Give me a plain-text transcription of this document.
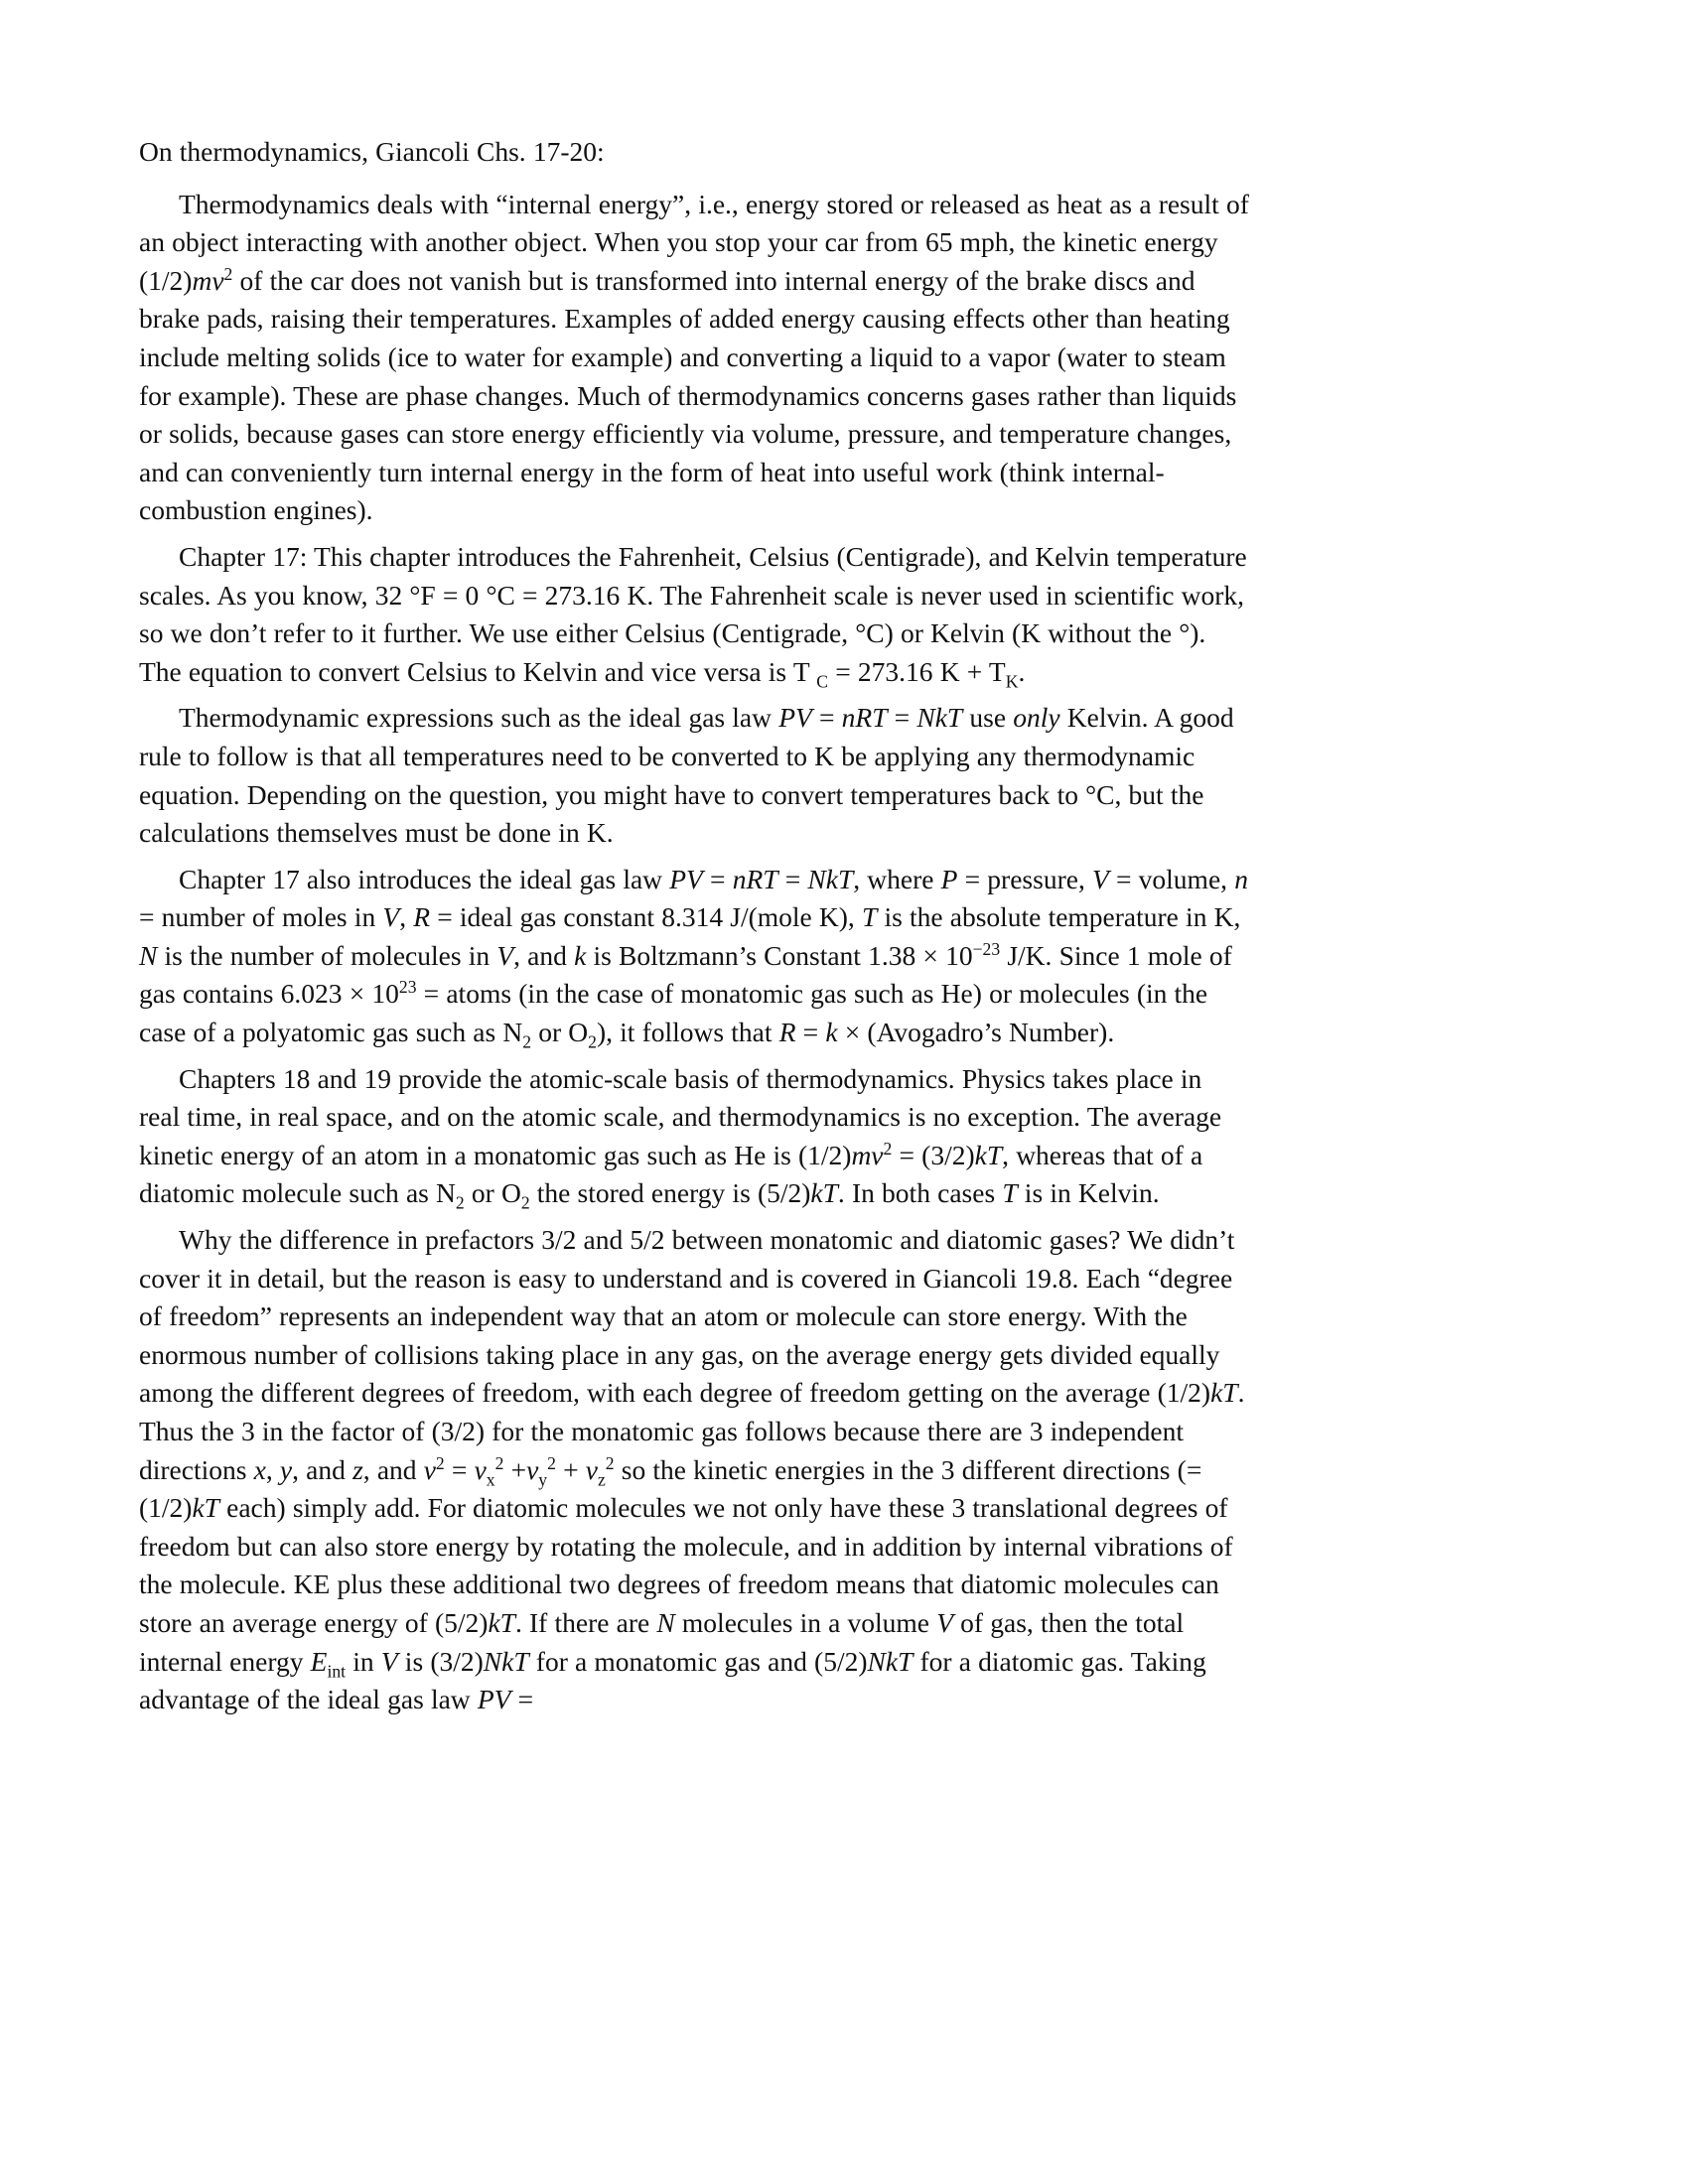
On thermodynamics, Giancoli Chs. 17-20:

Thermodynamics deals with “internal energy”, i.e., energy stored or released as heat as a result of an object interacting with another object. When you stop your car from 65 mph, the kinetic energy $(1/2)mv^2$ of the car does not vanish but is transformed into internal energy of the brake discs and brake pads, raising their temperatures. Examples of added energy causing effects other than heating include melting solids (ice to water for example) and converting a liquid to a vapor (water to steam for example). These are phase changes. Much of thermodynamics concerns gases rather than liquids or solids, because gases can store energy efficiently via volume, pressure, and temperature changes, and can conveniently turn internal energy in the form of heat into useful work (think internal-combustion engines).

Chapter 17: This chapter introduces the Fahrenheit, Celsius (Centigrade), and Kelvin temperature scales. As you know, 32 °F = 0 °C = 273.16 K. The Fahrenheit scale is never used in scientific work, so we don’t refer to it further. We use either Celsius (Centigrade, °C) or Kelvin (K without the °). The equation to convert Celsius to Kelvin and vice versa is T $_C$ = 273.16 $K + T_K$.

Thermodynamic expressions such as the ideal gas law PV = nRT = NkT use only Kelvin. A good rule to follow is that all temperatures need to be converted to K be applying any thermodynamic equation. Depending on the question, you might have to convert temperatures back to °C, but the calculations themselves must be done in K.

Chapter 17 also introduces the ideal gas law PV = nRT = NkT, where P = pressure, V = volume, n = number of moles in V, R = ideal gas constant 8.314 J/(mole K), T is the absolute temperature in K, N is the number of molecules in V, and k is Boltzmann’s Constant $1.38 \times 10^{-23}$ J/K. Since 1 mole of gas contains $6.023 \times 10^{23}$ = atoms (in the case of monatomic gas such as He) or molecules (in the case of a polyatomic gas such as $N_2$ or $O_2$), it follows that R = k × (Avogadro’s Number).

Chapters 18 and 19 provide the atomic-scale basis of thermodynamics. Physics takes place in real time, in real space, and on the atomic scale, and thermodynamics is no exception. The average kinetic energy of an atom in a monatomic gas such as He is $(1/2)mv^2 = (3/2)kT$, whereas that of a diatomic molecule such as $N_2$ or $O_2$ the stored energy is (5/2)kT. In both cases T is in Kelvin.

Why the difference in prefactors 3/2 and 5/2 between monatomic and diatomic gases? We didn’t cover it in detail, but the reason is easy to understand and is covered in Giancoli 19.8. Each “degree of freedom” represents an independent way that an atom or molecule can store energy. With the enormous number of collisions taking place in any gas, on the average energy gets divided equally among the different degrees of freedom, with each degree of freedom getting on the average (1/2)kT. Thus the 3 in the factor of (3/2) for the monatomic gas follows because there are 3 independent directions x, y, and z, and $v^2 = v_x^2 +v_y^2 + v_z^2$ so the kinetic energies in the 3 different directions (=(1/2)kT each) simply add. For diatomic molecules we not only have these 3 translational degrees of freedom but can also store energy by rotating the molecule, and in addition by internal vibrations of the molecule. KE plus these additional two degrees of freedom means that diatomic molecules can store an average energy of (5/2)kT. If there are N molecules in a volume V of gas, then the total internal energy $E_{int}$ in V is (3/2)NkT for a monatomic gas and (5/2)NkT for a diatomic gas. Taking advantage of the ideal gas law PV =
